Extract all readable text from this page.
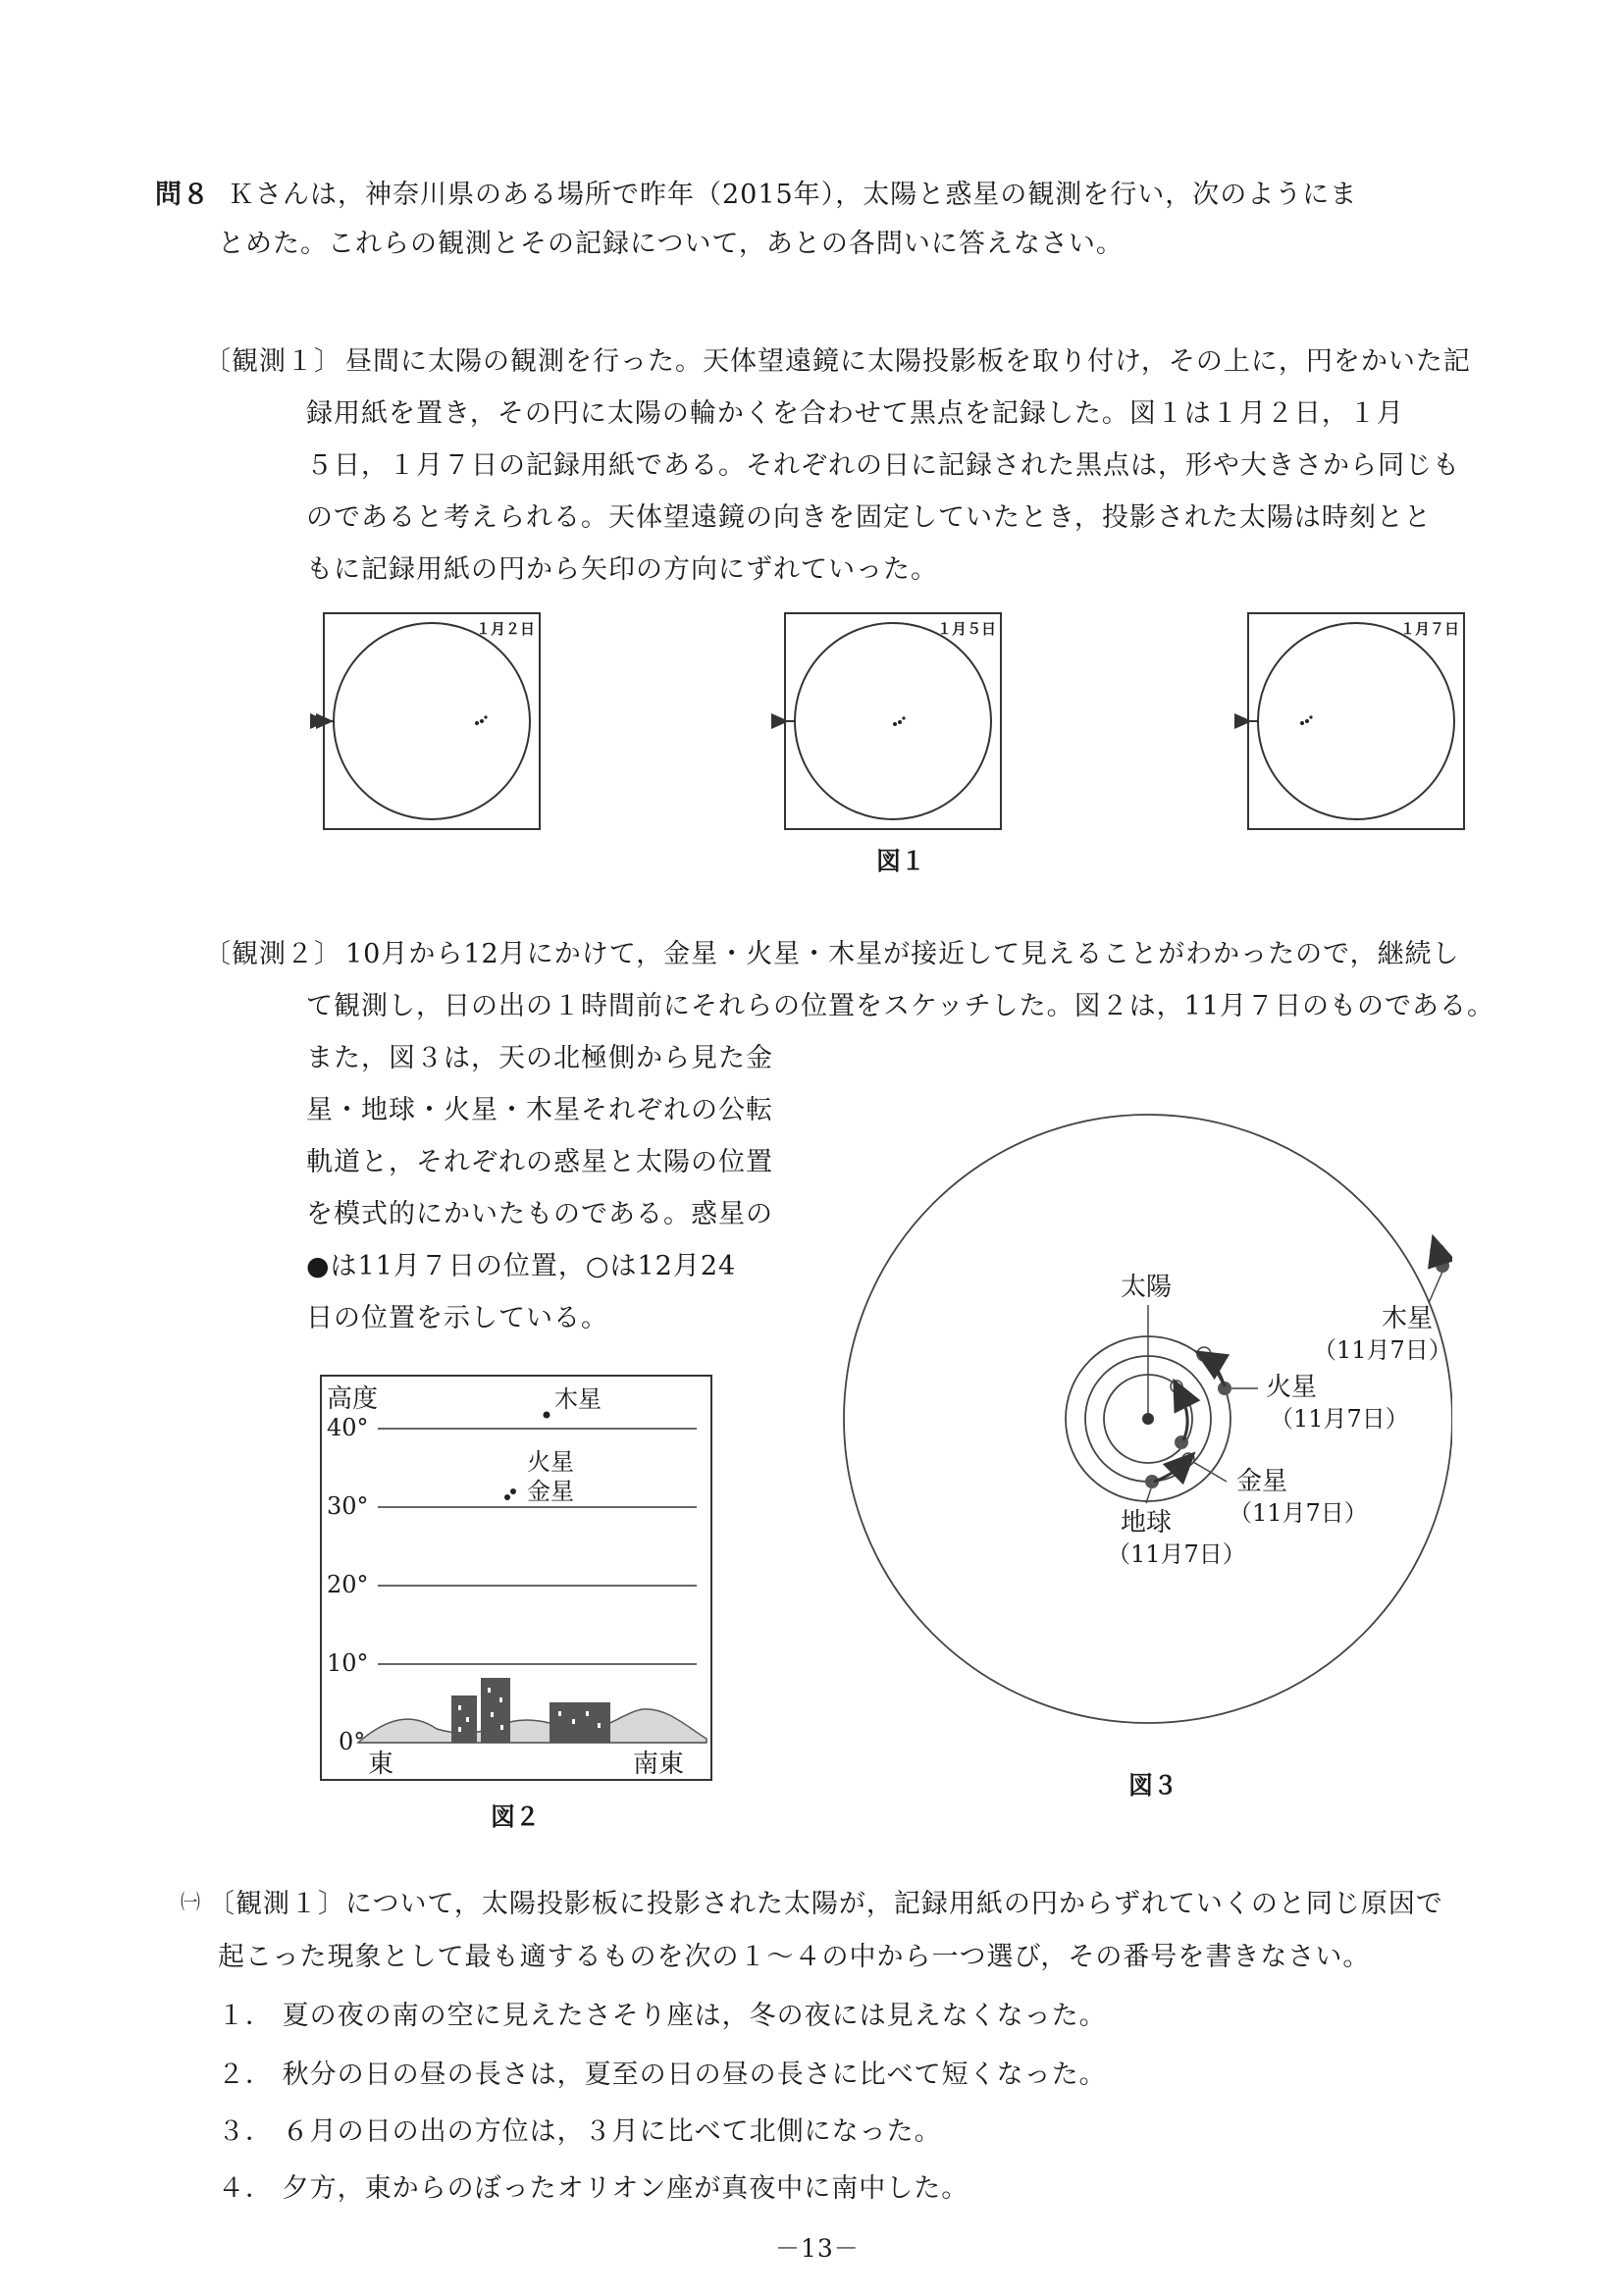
問８ Ｋさんは，神奈川県のある場所で昨年（2015年），太陽と惑星の観測を行い，次のようにま
とめた。これらの観測とその記録について，あとの各問いに答えなさい。
〔観測１〕 昼間に太陽の観測を行った。天体望遠鏡に太陽投影板を取り付け，その上に，円をかいた記
録用紙を置き，その円に太陽の輪かくを合わせて黒点を記録した。図１は１月２日，１月
５日，１月７日の記録用紙である。それぞれの日に記録された黒点は，形や大きさから同じも
のであると考えられる。天体望遠鏡の向きを固定していたとき，投影された太陽は時刻とと
もに記録用紙の円から矢印の方向にずれていった。
１月２日	１月５日	１月７日
図１
〔観測２〕 10月から12月にかけて，金星・火星・木星が接近して見えることがわかったので，継続し
て観測し，日の出の１時間前にそれらの位置をスケッチした。図２は，11月７日のものである。
また，図３は，天の北極側から見た金
星・地球・火星・木星それぞれの公転
軌道と，それぞれの惑星と太陽の位置
を模式的にかいたものである。惑星の
●は11月７日の位置，○は12月24
日の位置を示している。
高度
40°
30°
20°
10°
0°
木星
火星
金星
東	南東
図２
太陽
木星
（11月7日）
火星
（11月7日）
金星
（11月7日）
地球
（11月7日）
図３
㈠ 〔観測１〕について，太陽投影板に投影された太陽が，記録用紙の円からずれていくのと同じ原因で
起こった現象として最も適するものを次の１～４の中から一つ選び，その番号を書きなさい。
１． 夏の夜の南の空に見えたさそり座は，冬の夜には見えなくなった。
２． 秋分の日の昼の長さは，夏至の日の昼の長さに比べて短くなった。
３． ６月の日の出の方位は，３月に比べて北側になった。
４． 夕方，東からのぼったオリオン座が真夜中に南中した。
－13－
